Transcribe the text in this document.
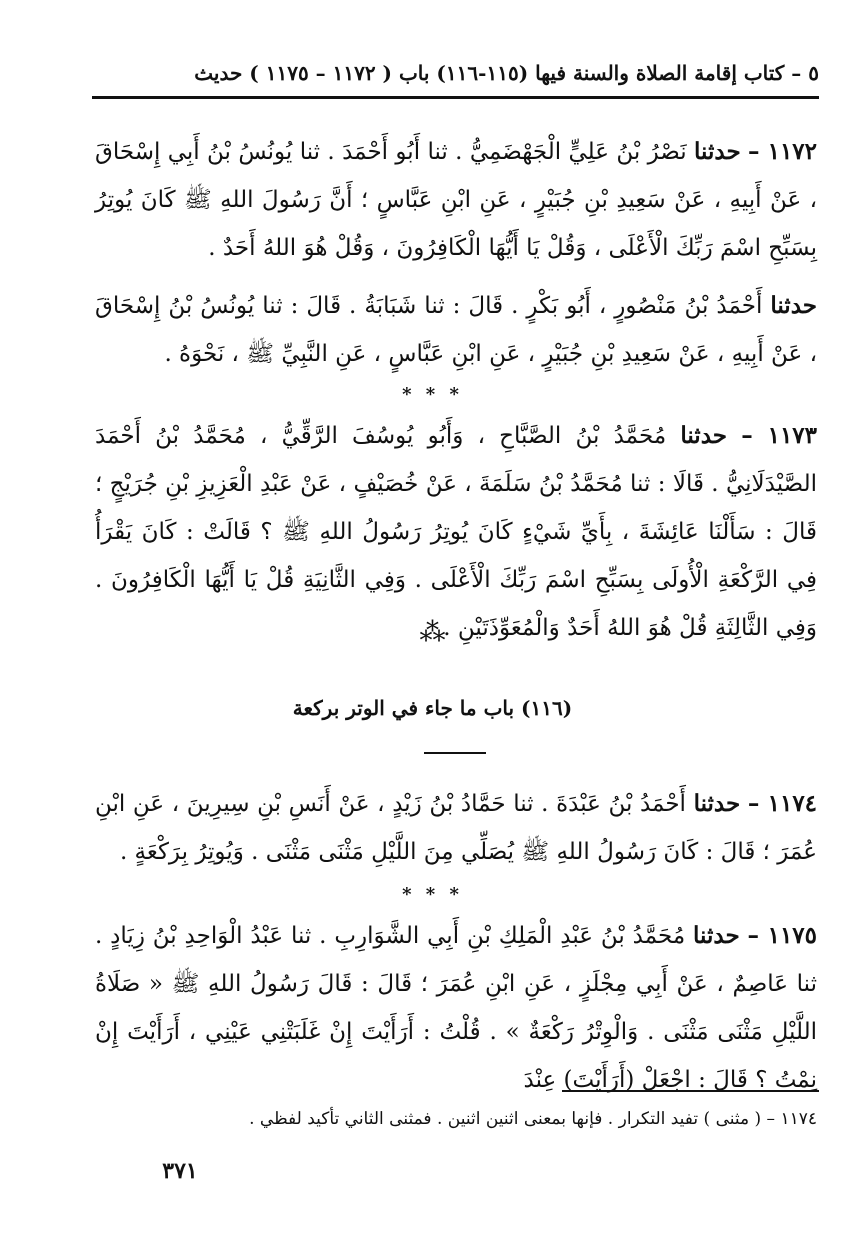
٥ – كتاب إقامة الصلاة والسنة فيها (١١٥-١١٦) باب ( ١١٧٢ – ١١٧٥ ) حديث
١١٧٢ – حدثنا نَصْرُ بْنُ عَلِيٍّ الْجَهْضَمِيُّ . ثنا أَبُو أَحْمَدَ . ثنا يُونُسُ بْنُ أَبِي إِسْحَاقَ ، عَنْ أَبِيهِ ، عَنْ سَعِيدِ بْنِ جُبَيْرٍ ، عَنِ ابْنِ عَبَّاسٍ ؛ أَنَّ رَسُولَ اللهِ ﷺ كَانَ يُوتِرُ بِسَبِّحِ اسْمَ رَبِّكَ الْأَعْلَى ، وَقُلْ يَا أَيُّهَا الْكَافِرُونَ ، وَقُلْ هُوَ اللهُ أَحَدٌ .
حدثنا أَحْمَدُ بْنُ مَنْصُورٍ ، أَبُو بَكْرٍ . قَالَ : ثنا شَبَابَةُ . قَالَ : ثنا يُونُسُ بْنُ إِسْحَاقَ ، عَنْ أَبِيهِ ، عَنْ سَعِيدِ بْنِ جُبَيْرٍ ، عَنِ ابْنِ عَبَّاسٍ ، عَنِ النَّبِيِّ ﷺ ، نَحْوَهُ .
* * *
١١٧٣ – حدثنا مُحَمَّدُ بْنُ الصَّبَّاحِ ، وَأَبُو يُوسُفَ الرَّقِّيُّ ، مُحَمَّدُ بْنُ أَحْمَدَ الصَّيْدَلَانِيُّ . قَالَا : ثنا مُحَمَّدُ بْنُ سَلَمَةَ ، عَنْ خُصَيْفٍ ، عَنْ عَبْدِ الْعَزِيزِ بْنِ جُرَيْجٍ ؛ قَالَ : سَأَلْنَا عَائِشَةَ ، بِأَيِّ شَيْءٍ كَانَ يُوتِرُ رَسُولُ اللهِ ﷺ ؟ قَالَتْ : كَانَ يَقْرَأُ فِي الرَّكْعَةِ الْأُولَى بِسَبِّحِ اسْمَ رَبِّكَ الْأَعْلَى . وَفِي الثَّانِيَةِ قُلْ يَا أَيُّهَا الْكَافِرُونَ . وَفِي الثَّالِثَةِ قُلْ هُوَ اللهُ أَحَدٌ وَالْمُعَوِّذَتَيْنِ .
⁂
(١١٦) باب ما جاء في الوتر بركعة
١١٧٤ – حدثنا أَحْمَدُ بْنُ عَبْدَةَ . ثنا حَمَّادُ بْنُ زَيْدٍ ، عَنْ أَنَسِ بْنِ سِيرِينَ ، عَنِ ابْنِ عُمَرَ ؛ قَالَ : كَانَ رَسُولُ اللهِ ﷺ يُصَلِّي مِنَ اللَّيْلِ مَثْنَى مَثْنَى . وَيُوتِرُ بِرَكْعَةٍ .
* * *
١١٧٥ – حدثنا مُحَمَّدُ بْنُ عَبْدِ الْمَلِكِ بْنِ أَبِي الشَّوَارِبِ . ثنا عَبْدُ الْوَاحِدِ بْنُ زِيَادٍ . ثنا عَاصِمٌ ، عَنْ أَبِي مِجْلَزٍ ، عَنِ ابْنِ عُمَرَ ؛ قَالَ : قَالَ رَسُولُ اللهِ ﷺ « صَلَاةُ اللَّيْلِ مَثْنَى مَثْنَى . وَالْوِتْرُ رَكْعَةٌ » . قُلْتُ : أَرَأَيْتَ إِنْ غَلَبَتْنِي عَيْنِي ، أَرَأَيْتَ إِنْ نِمْتُ ؟ قَالَ : اجْعَلْ (أَرَأَيْتَ) عِنْدَ
١١٧٤ – ( مثنى ) تفيد التكرار . فإنها بمعنى اثنين اثنين . فمثنى الثاني تأكيد لفظي .
٣٧١
